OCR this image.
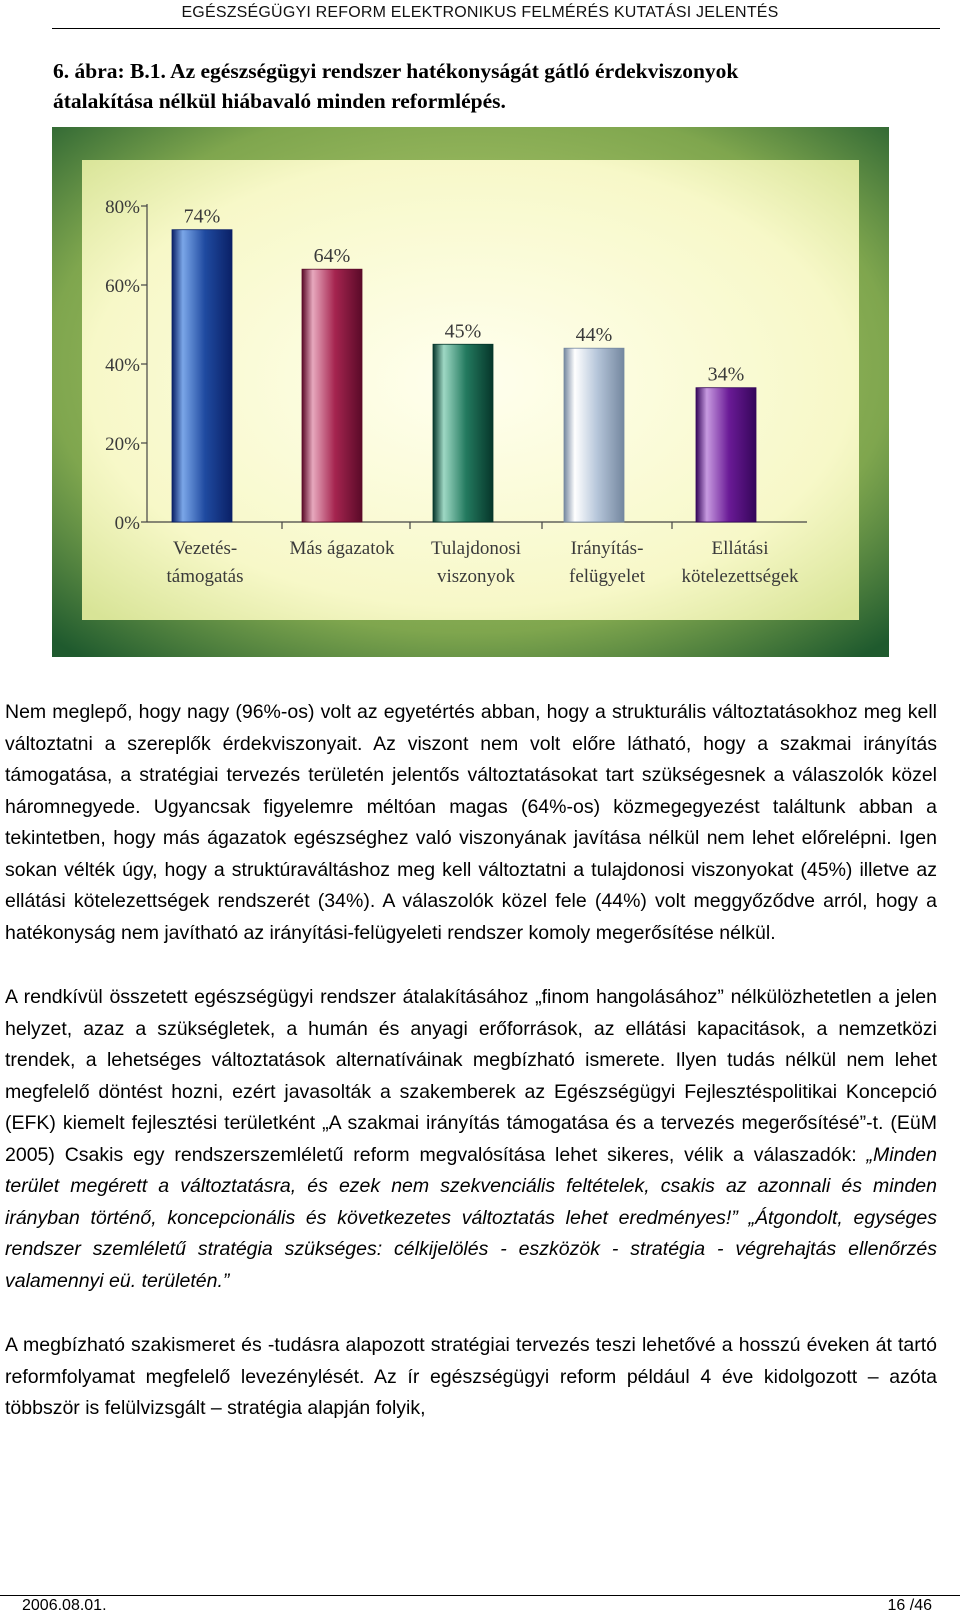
EGÉSZSÉGÜGYI REFORM ELEKTRONIKUS FELMÉRÉS KUTATÁSI JELENTÉS
6. ábra: B.1. Az egészségügyi rendszer hatékonyságát gátló érdekviszonyok
átalakítása nélkül hiábavaló minden reformlépés.
0%
20%
40%
60%
80% 74%
64%
45%	44%
34%
Vezetés-
támogatás
Más ágazatok Tulajdonosi
viszonyok
Irányítás-
felügyelet
Ellátási
kötelezettségek

Nem meglepő, hogy nagy (96%-os) volt az egyetértés abban, hogy a strukturális változtatásokhoz meg kell változtatni a szereplők érdekviszonyait. Az viszont nem volt előre látható, hogy a szakmai irányítás támogatása, a stratégiai tervezés területén jelentős változtatásokat tart szükségesnek a válaszolók közel háromnegyede. Ugyancsak figyelemre méltóan magas (64%-os) közmegegyezést találtunk abban a tekintetben, hogy más ágazatok egészséghez való viszonyának javítása nélkül nem lehet előrelépni. Igen sokan vélték úgy, hogy a struktúraváltáshoz meg kell változtatni a tulajdonosi viszonyokat (45%) illetve az ellátási kötelezettségek rendszerét (34%). A válaszolók közel fele (44%) volt meggyőződve arról, hogy a hatékonyság nem javítható az irányítási-felügyeleti rendszer komoly megerősítése nélkül.

A rendkívül összetett egészségügyi rendszer átalakításához „finom hangolásához” nélkülözhetetlen a jelen helyzet, azaz a szükségletek, a humán és anyagi erőforrások, az ellátási kapacitások, a nemzetközi trendek, a lehetséges változtatások alternatíváinak megbízható ismerete. Ilyen tudás nélkül nem lehet megfelelő döntést hozni, ezért javasolták a szakemberek az Egészségügyi Fejlesztéspolitikai Koncepció (EFK) kiemelt fejlesztési területként „A szakmai irányítás támogatása és a tervezés megerősítésé”-t. (EüM 2005) Csakis egy rendszerszemléletű reform megvalósítása lehet sikeres, vélik a válaszadók: „Minden terület megérett a változtatásra, és ezek nem szekvenciális feltételek, csakis az azonnali és minden irányban történő, koncepcionális és következetes változtatás lehet eredményes!” „Átgondolt, egységes rendszer szemléletű stratégia szükséges: célkijelölés - eszközök - stratégia - végrehajtás ellenőrzés valamennyi eü. területén.”

A megbízható szakismeret és -tudásra alapozott stratégiai tervezés teszi lehetővé a hosszú éveken át tartó reformfolyamat megfelelő levezénylését. Az ír egészségügyi reform például 4 éve kidolgozott – azóta többször is felülvizsgált – stratégia alapján folyik,

2006.08.01.	16 /46
